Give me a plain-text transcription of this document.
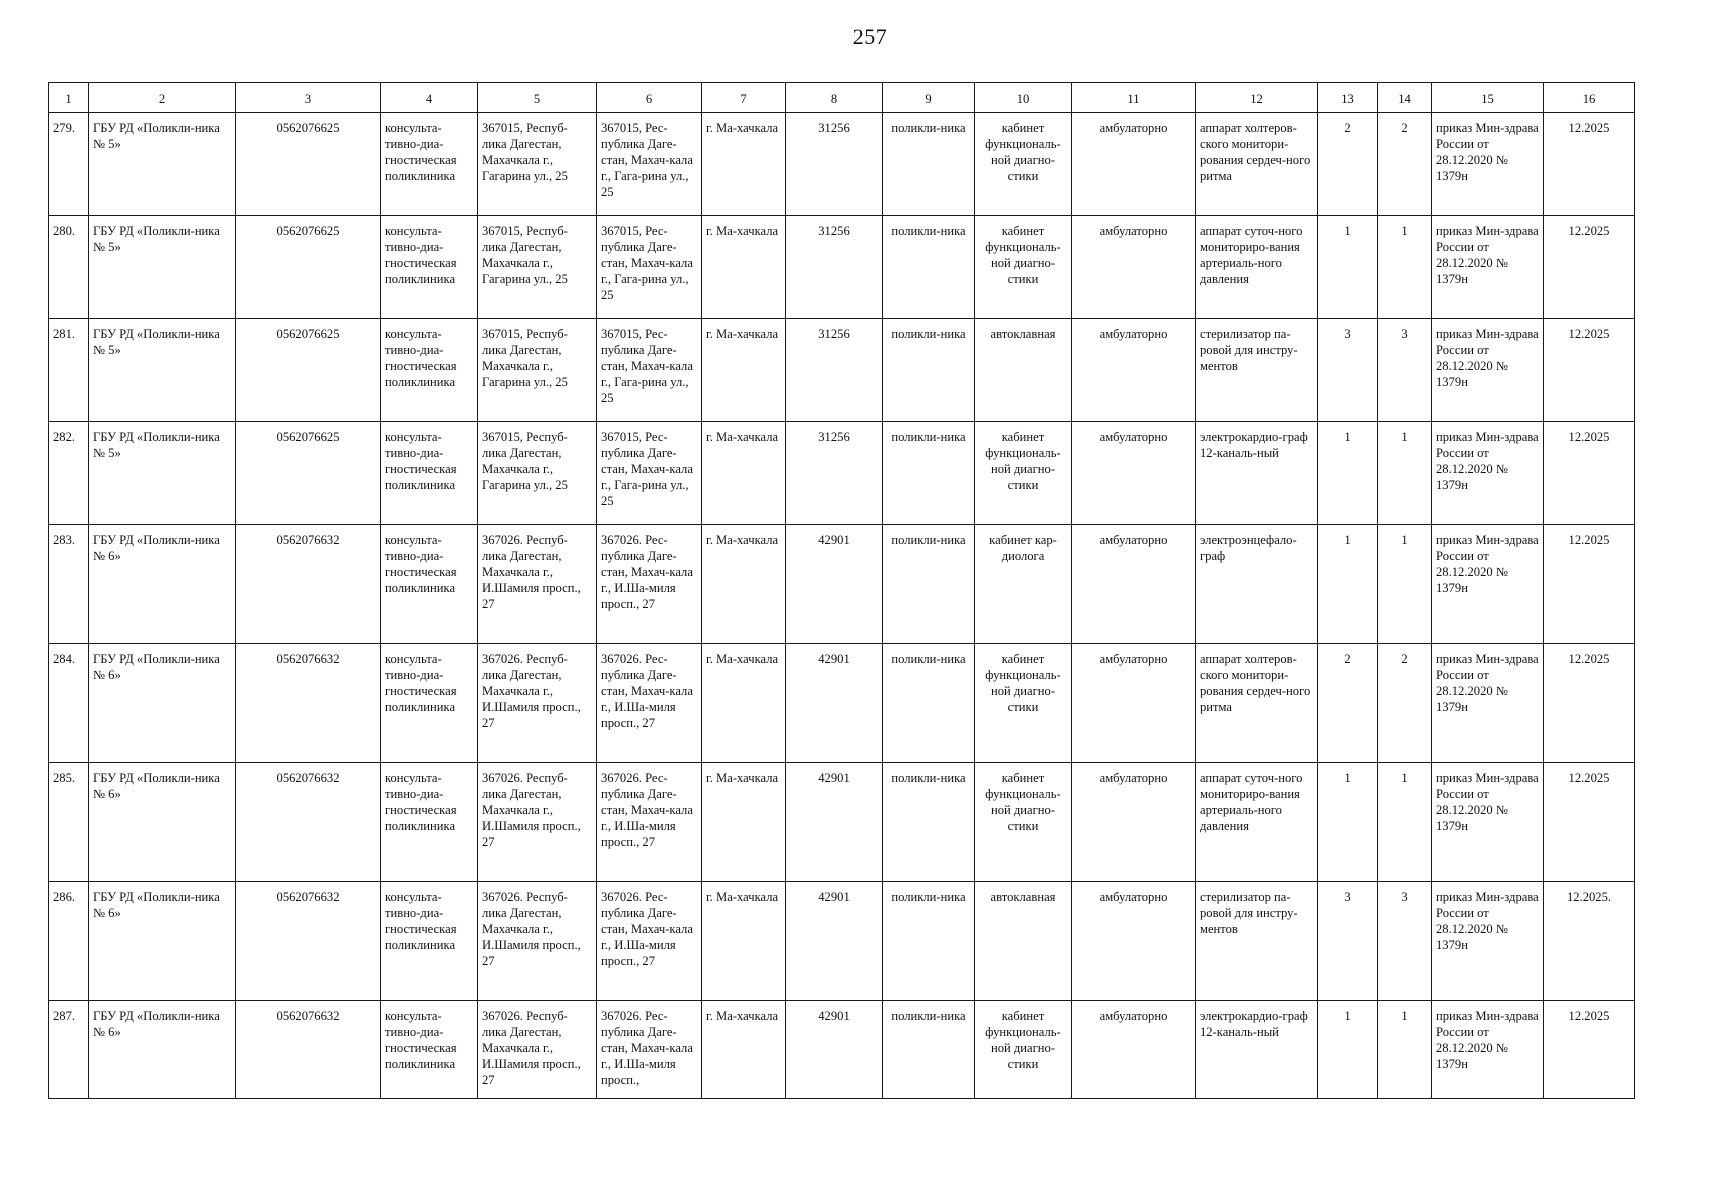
257
1	2	3	4	5	6	7	8	9	10	11	12	13	14	15	16
279.	ГБУ РД «Поликли-ника № 5»	0562076625	консульта-тивно-диа-гностическая поликлиника	367015, Респуб-лика Дагестан, Махачкала г., Гагарина ул., 25	367015, Рес-публика Даге-стан, Махач-кала г., Гага-рина ул., 25	г. Ма-хачкала	31256	поликли-ника	кабинет функциональ-ной диагно-стики	амбулаторно	аппарат холтеров-ского монитори-рования сердеч-ного ритма	2	2	приказ Мин-здрава России от 28.12.2020 № 1379н	12.2025
280.	ГБУ РД «Поликли-ника № 5»	0562076625	консульта-тивно-диа-гностическая поликлиника	367015, Респуб-лика Дагестан, Махачкала г., Гагарина ул., 25	367015, Рес-публика Даге-стан, Махач-кала г., Гага-рина ул., 25	г. Ма-хачкала	31256	поликли-ника	кабинет функциональ-ной диагно-стики	амбулаторно	аппарат суточ-ного мониториро-вания артериаль-ного давления	1	1	приказ Мин-здрава России от 28.12.2020 № 1379н	12.2025
281.	ГБУ РД «Поликли-ника № 5»	0562076625	консульта-тивно-диа-гностическая поликлиника	367015, Респуб-лика Дагестан, Махачкала г., Гагарина ул., 25	367015, Рес-публика Даге-стан, Махач-кала г., Гага-рина ул., 25	г. Ма-хачкала	31256	поликли-ника	автоклавная	амбулаторно	стерилизатор па-ровой для инстру-ментов	3	3	приказ Мин-здрава России от 28.12.2020 № 1379н	12.2025
282.	ГБУ РД «Поликли-ника № 5»	0562076625	консульта-тивно-диа-гностическая поликлиника	367015, Респуб-лика Дагестан, Махачкала г., Гагарина ул., 25	367015, Рес-публика Даге-стан, Махач-кала г., Гага-рина ул., 25	г. Ма-хачкала	31256	поликли-ника	кабинет функциональ-ной диагно-стики	амбулаторно	электрокардио-граф 12-каналь-ный	1	1	приказ Мин-здрава России от 28.12.2020 № 1379н	12.2025
283.	ГБУ РД «Поликли-ника № 6»	0562076632	консульта-тивно-диа-гностическая поликлиника	367026. Респуб-лика Дагестан, Махачкала г., И.Шамиля просп., 27	367026. Рес-публика Даге-стан, Махач-кала г., И.Ша-миля просп., 27	г. Ма-хачкала	42901	поликли-ника	кабинет кар-диолога	амбулаторно	электроэнцефало-граф	1	1	приказ Мин-здрава России от 28.12.2020 № 1379н	12.2025
284.	ГБУ РД «Поликли-ника № 6»	0562076632	консульта-тивно-диа-гностическая поликлиника	367026. Респуб-лика Дагестан, Махачкала г., И.Шамиля просп., 27	367026. Рес-публика Даге-стан, Махач-кала г., И.Ша-миля просп., 27	г. Ма-хачкала	42901	поликли-ника	кабинет функциональ-ной диагно-стики	амбулаторно	аппарат холтеров-ского монитори-рования сердеч-ного ритма	2	2	приказ Мин-здрава России от 28.12.2020 № 1379н	12.2025
285.	ГБУ РД «Поликли-ника № 6»	0562076632	консульта-тивно-диа-гностическая поликлиника	367026. Респуб-лика Дагестан, Махачкала г., И.Шамиля просп., 27	367026. Рес-публика Даге-стан, Махач-кала г., И.Ша-миля просп., 27	г. Ма-хачкала	42901	поликли-ника	кабинет функциональ-ной диагно-стики	амбулаторно	аппарат суточ-ного мониториро-вания артериаль-ного давления	1	1	приказ Мин-здрава России от 28.12.2020 № 1379н	12.2025
286.	ГБУ РД «Поликли-ника № 6»	0562076632	консульта-тивно-диа-гностическая поликлиника	367026. Респуб-лика Дагестан, Махачкала г., И.Шамиля просп., 27	367026. Рес-публика Даге-стан, Махач-кала г., И.Ша-миля просп., 27	г. Ма-хачкала	42901	поликли-ника	автоклавная	амбулаторно	стерилизатор па-ровой для инстру-ментов	3	3	приказ Мин-здрава России от 28.12.2020 № 1379н	12.2025.
287.	ГБУ РД «Поликли-ника № 6»	0562076632	консульта-тивно-диа-гностическая поликлиника	367026. Респуб-лика Дагестан, Махачкала г., И.Шамиля просп., 27	367026. Рес-публика Даге-стан, Махач-кала г., И.Ша-миля просп.,	г. Ма-хачкала	42901	поликли-ника	кабинет функциональ-ной диагно-стики	амбулаторно	электрокардио-граф 12-каналь-ный	1	1	приказ Мин-здрава России от 28.12.2020 № 1379н	12.2025
